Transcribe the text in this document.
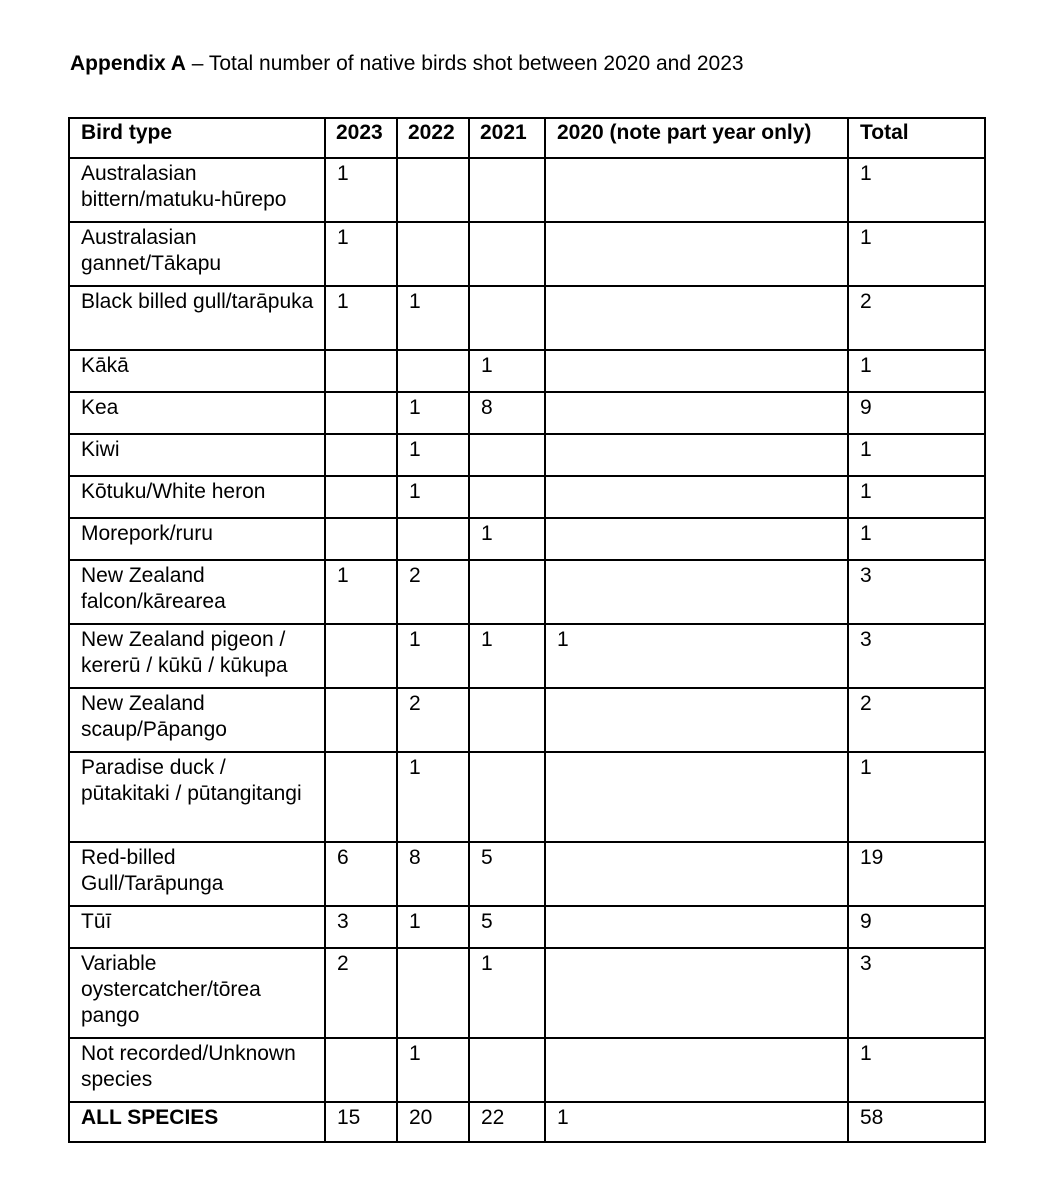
Appendix A – Total number of native birds shot between 2020 and 2023
Bird type	2023	2022	2021	2020 (note part year only)	Total
Australasian bittern/matuku-hūrepo	1				1
Australasian gannet/Tākapu	1				1
Black billed gull/tarāpuka	1	1			2
Kākā			1		1
Kea		1	8		9
Kiwi		1			1
Kōtuku/White heron		1			1
Morepork/ruru			1		1
New Zealand falcon/kārearea	1	2			3
New Zealand pigeon / kererū / kūkū / kūkupa		1	1	1	3
New Zealand scaup/Pāpango		2			2
Paradise duck / pūtakitaki / pūtangitangi		1			1
Red-billed Gull/Tarāpunga	6	8	5		19
Tūī	3	1	5		9
Variable oystercatcher/tōrea pango	2		1		3
Not recorded/Unknown species		1			1
ALL SPECIES	15	20	22	1	58
